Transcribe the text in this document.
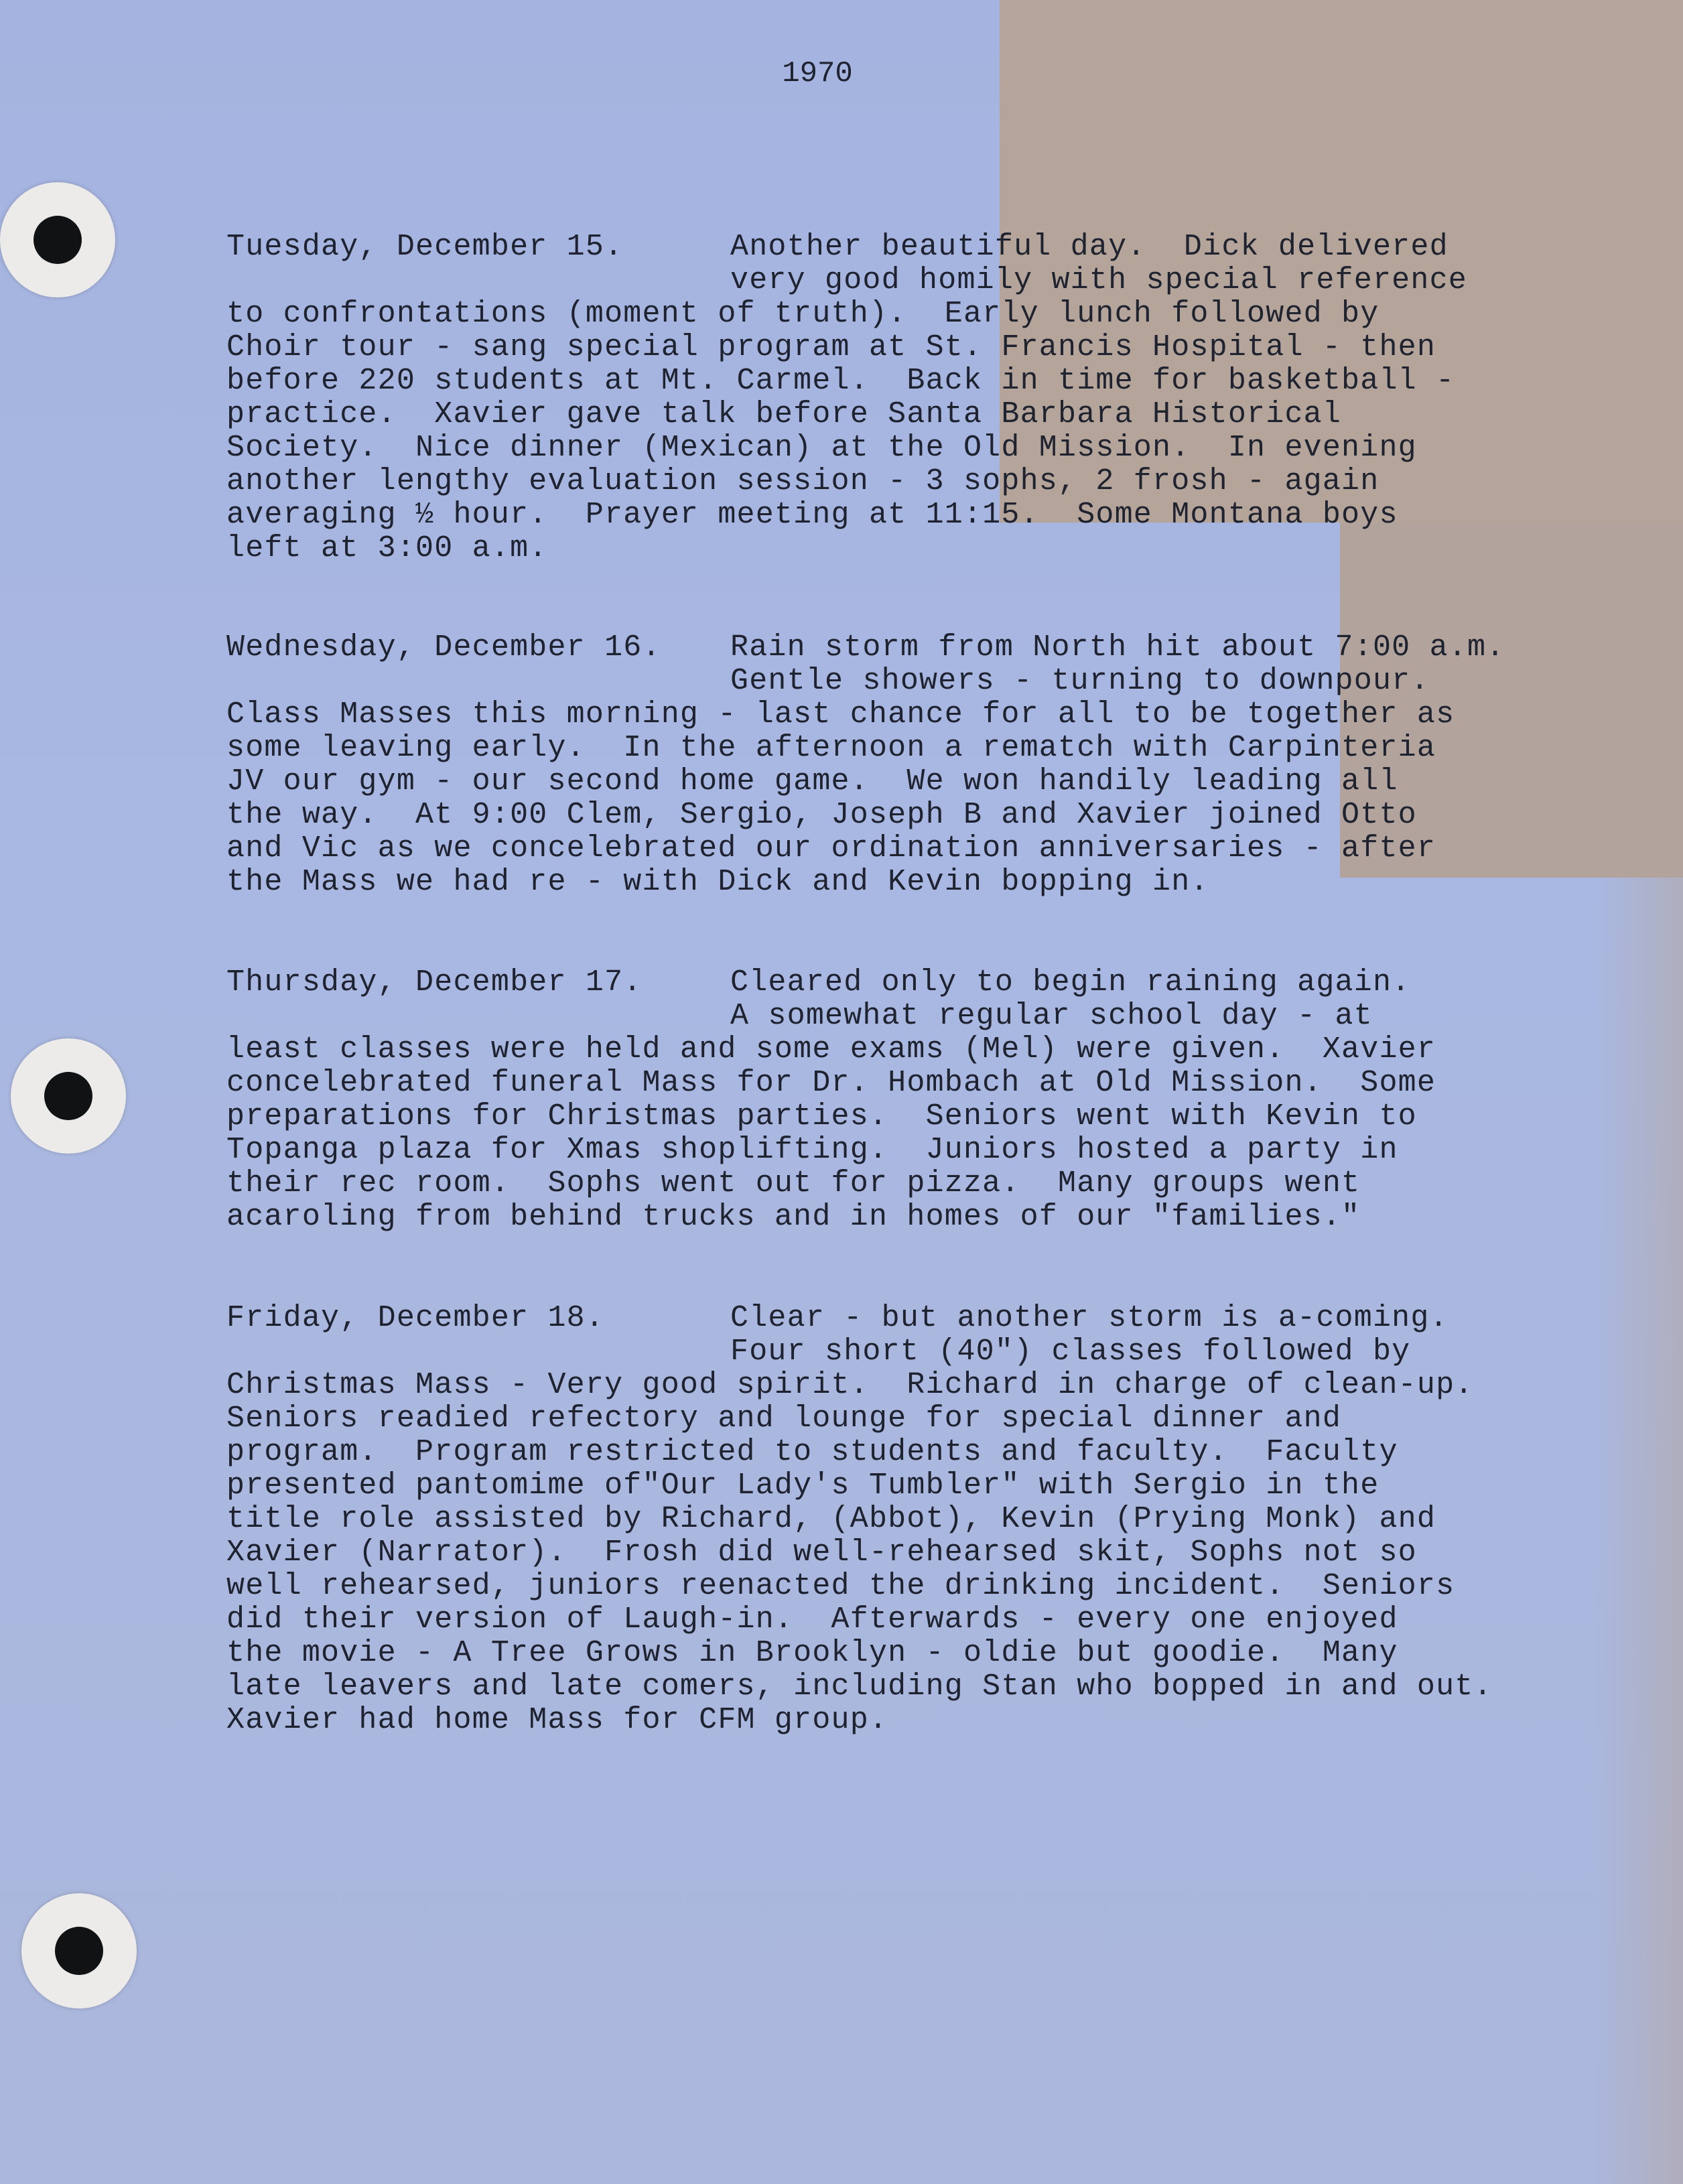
1970
Tuesday, December 15.	Another beautiful day.  Dick delivered
very good homily with special reference
to confrontations (moment of truth).  Early lunch followed by
Choir tour - sang special program at St. Francis Hospital - then
before 220 students at Mt. Carmel.  Back in time for basketball -
practice.  Xavier gave talk before Santa Barbara Historical
Society.  Nice dinner (Mexican) at the Old Mission.  In evening
another lengthy evaluation session - 3 sophs, 2 frosh - again
averaging ½ hour.  Prayer meeting at 11:15.  Some Montana boys
left at 3:00 a.m.
Wednesday, December 16.	Rain storm from North hit about 7:00 a.m.
Gentle showers - turning to downpour.
Class Masses this morning - last chance for all to be together as
some leaving early.  In the afternoon a rematch with Carpinteria
JV our gym - our second home game.  We won handily leading all
the way.  At 9:00 Clem, Sergio, Joseph B and Xavier joined Otto
and Vic as we concelebrated our ordination anniversaries - after
the Mass we had re - with Dick and Kevin bopping in.
Thursday, December 17.	Cleared only to begin raining again.
A somewhat regular school day - at
least classes were held and some exams (Mel) were given.  Xavier
concelebrated funeral Mass for Dr. Hombach at Old Mission.  Some
preparations for Christmas parties.  Seniors went with Kevin to
Topanga plaza for Xmas shoplifting.  Juniors hosted a party in
their rec room.  Sophs went out for pizza.  Many groups went
acaroling from behind trucks and in homes of our "families."
Friday, December 18.	Clear - but another storm is a-coming.
Four short (40") classes followed by
Christmas Mass - Very good spirit.  Richard in charge of clean-up.
Seniors readied refectory and lounge for special dinner and
program.  Program restricted to students and faculty.  Faculty
presented pantomime of"Our Lady's Tumbler" with Sergio in the
title role assisted by Richard, (Abbot), Kevin (Prying Monk) and
Xavier (Narrator).  Frosh did well-rehearsed skit, Sophs not so
well rehearsed, juniors reenacted the drinking incident.  Seniors
did their version of Laugh-in.  Afterwards - every one enjoyed
the movie - A Tree Grows in Brooklyn - oldie but goodie.  Many
late leavers and late comers, including Stan who bopped in and out.
Xavier had home Mass for CFM group.
